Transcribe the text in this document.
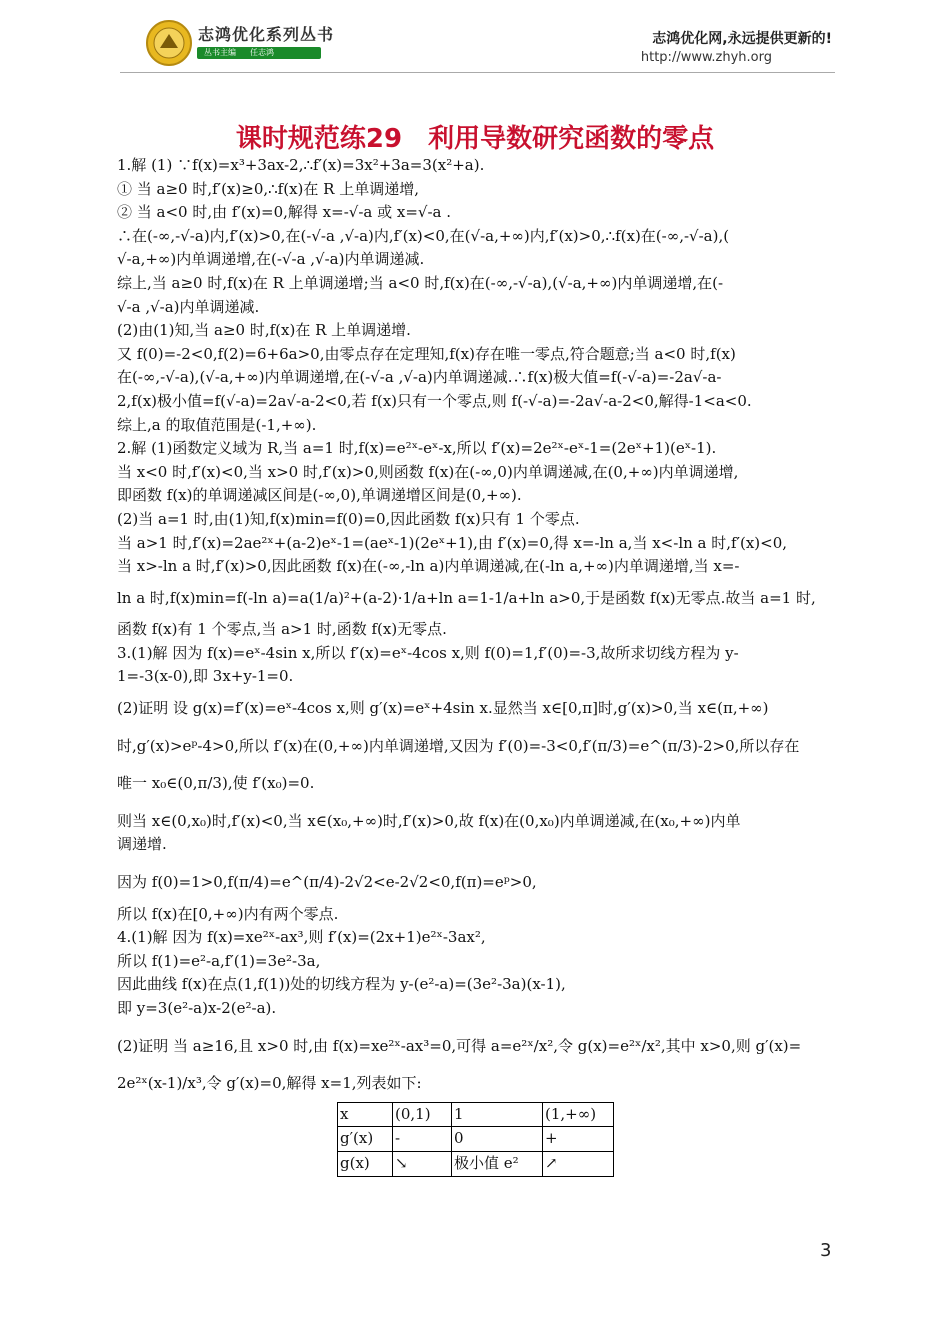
志鸿优化系列丛书
丛书主编 任志鸿
志鸿优化网,永远提供更新的!
http://www.zhyh.org
课时规范练29　利用导数研究函数的零点

1.解 (1) ∵f(x)=x³+3ax-2,∴f′(x)=3x²+3a=3(x²+a).

① 当 a≥0 时,f′(x)≥0,∴f(x)在 R 上单调递增,

② 当 a<0 时,由 f′(x)=0,解得 x=-√-a 或 x=√-a .

∴在(-∞,-√-a)内,f′(x)>0,在(-√-a ,√-a)内,f′(x)<0,在(√-a,+∞)内,f′(x)>0,∴f(x)在(-∞,-√-a),(

√-a,+∞)内单调递增,在(-√-a ,√-a)内单调递减.

综上,当 a≥0 时,f(x)在 R 上单调递增;当 a<0 时,f(x)在(-∞,-√-a),(√-a,+∞)内单调递增,在(-

√-a ,√-a)内单调递减.

(2)由(1)知,当 a≥0 时,f(x)在 R 上单调递增.

又 f(0)=-2<0,f(2)=6+6a>0,由零点存在定理知,f(x)存在唯一零点,符合题意;当 a<0 时,f(x)

在(-∞,-√-a),(√-a,+∞)内单调递增,在(-√-a ,√-a)内单调递减.∴f(x)极大值=f(-√-a)=-2a√-a-

2,f(x)极小值=f(√-a)=2a√-a-2<0,若 f(x)只有一个零点,则 f(-√-a)=-2a√-a-2<0,解得-1<a<0.

综上,a 的取值范围是(-1,+∞).

2.解 (1)函数定义域为 R,当 a=1 时,f(x)=e²ˣ-eˣ-x,所以 f′(x)=2e²ˣ-eˣ-1=(2eˣ+1)(eˣ-1).

当 x<0 时,f′(x)<0,当 x>0 时,f′(x)>0,则函数 f(x)在(-∞,0)内单调递减,在(0,+∞)内单调递增,

即函数 f(x)的单调递减区间是(-∞,0),单调递增区间是(0,+∞).

(2)当 a=1 时,由(1)知,f(x)min=f(0)=0,因此函数 f(x)只有 1 个零点.

当 a>1 时,f′(x)=2ae²ˣ+(a-2)eˣ-1=(aeˣ-1)(2eˣ+1),由 f′(x)=0,得 x=-ln a,当 x<-ln a 时,f′(x)<0,

当 x>-ln a 时,f′(x)>0,因此函数 f(x)在(-∞,-ln a)内单调递减,在(-ln a,+∞)内单调递增,当 x=-

ln a 时,f(x)min=f(-ln a)=a(1/a)²+(a-2)·1/a+ln a=1-1/a+ln a>0,于是函数 f(x)无零点.故当 a=1 时,

函数 f(x)有 1 个零点,当 a>1 时,函数 f(x)无零点.

3.(1)解 因为 f(x)=eˣ-4sin x,所以 f′(x)=eˣ-4cos x,则 f(0)=1,f′(0)=-3,故所求切线方程为 y-

1=-3(x-0),即 3x+y-1=0.

(2)证明 设 g(x)=f′(x)=eˣ-4cos x,则 g′(x)=eˣ+4sin x.显然当 x∈[0,π]时,g′(x)>0,当 x∈(π,+∞)

时,g′(x)>eᵖ-4>0,所以 f′(x)在(0,+∞)内单调递增,又因为 f′(0)=-3<0,f′(π/3)=e^(π/3)-2>0,所以存在

唯一 x₀∈(0,π/3),使 f′(x₀)=0.

则当 x∈(0,x₀)时,f′(x)<0,当 x∈(x₀,+∞)时,f′(x)>0,故 f(x)在(0,x₀)内单调递减,在(x₀,+∞)内单

调递增.

因为 f(0)=1>0,f(π/4)=e^(π/4)-2√2<e-2√2<0,f(π)=eᵖ>0,

所以 f(x)在[0,+∞)内有两个零点.

4.(1)解 因为 f(x)=xe²ˣ-ax³,则 f′(x)=(2x+1)e²ˣ-3ax²,

所以 f(1)=e²-a,f′(1)=3e²-3a,

因此曲线 f(x)在点(1,f(1))处的切线方程为 y-(e²-a)=(3e²-3a)(x-1),

即 y=3(e²-a)x-2(e²-a).

(2)证明 当 a≥16,且 x>0 时,由 f(x)=xe²ˣ-ax³=0,可得 a=e²ˣ/x²,令 g(x)=e²ˣ/x²,其中 x>0,则 g′(x)=

2e²ˣ(x-1)/x³,令 g′(x)=0,解得 x=1,列表如下:

x	(0,1)	1	(1,+∞)
g′(x)	-	0	+
g(x)	↘	极小值 e²	↗
3
